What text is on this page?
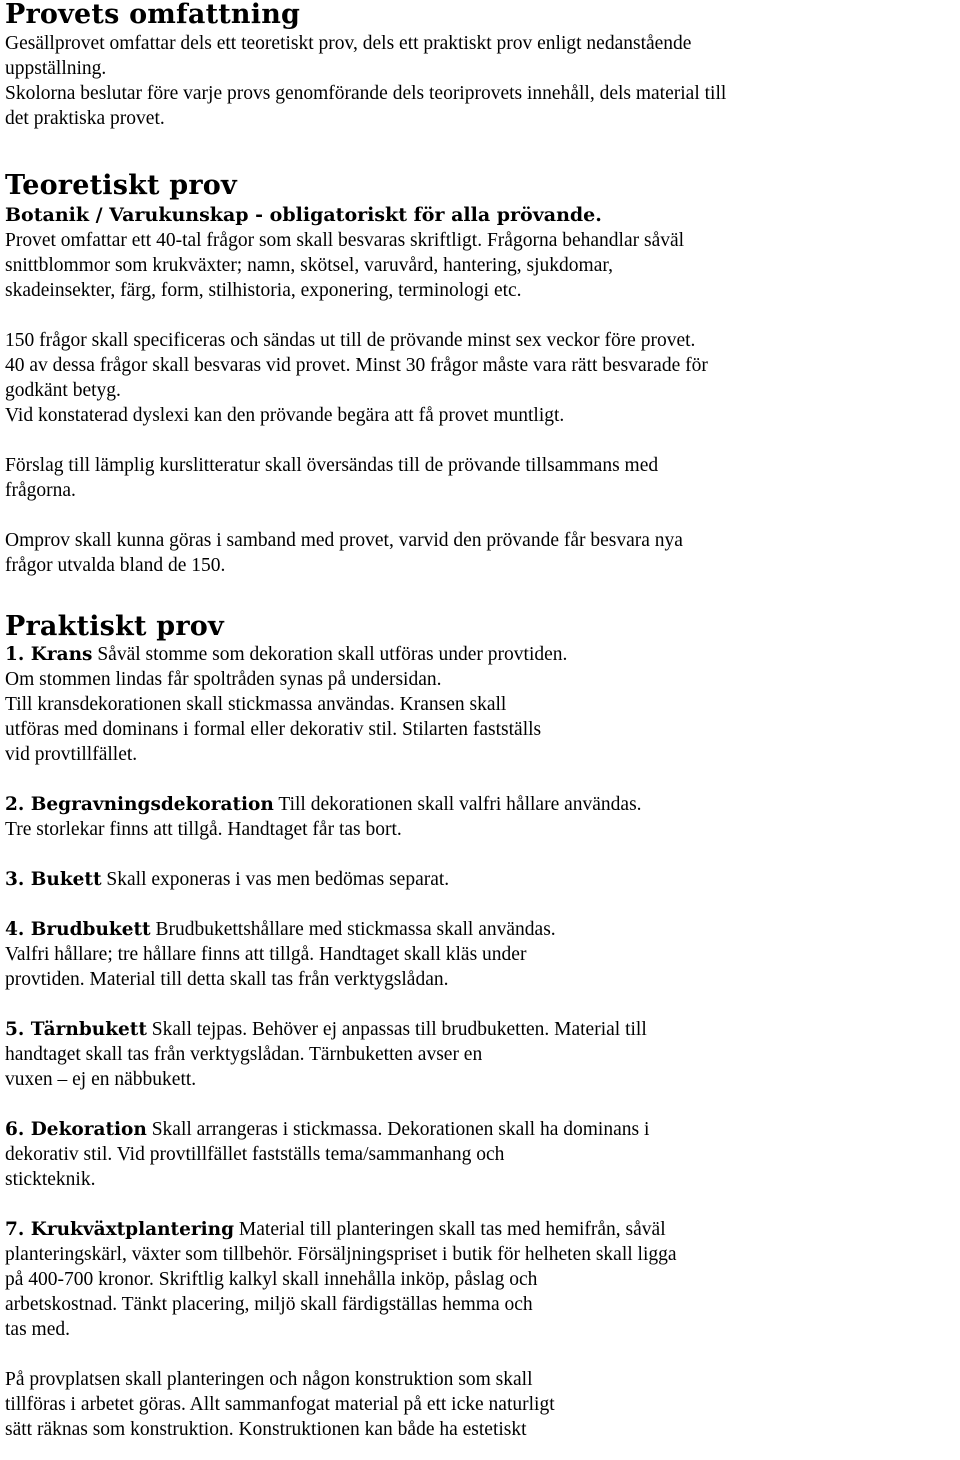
Provets omfattning
Gesällprovet omfattar dels ett teoretiskt prov, dels ett praktiskt prov enligt nedanstående
uppställning.
Skolorna beslutar före varje provs genomförande dels teoriprovets innehåll, dels material till
det praktiska provet.
Teoretiskt prov
Botanik / Varukunskap - obligatoriskt för alla prövande.
Provet omfattar ett 40-tal frågor som skall besvaras skriftligt. Frågorna behandlar såväl
snittblommor som krukväxter; namn, skötsel, varuvård, hantering, sjukdomar,
skadeinsekter, färg, form, stilhistoria, exponering, terminologi etc.
150 frågor skall specificeras och sändas ut till de prövande minst sex veckor före provet.
40 av dessa frågor skall besvaras vid provet. Minst 30 frågor måste vara rätt besvarade för
godkänt betyg.
Vid konstaterad dyslexi kan den prövande begära att få provet muntligt.
Förslag till lämplig kurslitteratur skall översändas till de prövande tillsammans med
frågorna.
Omprov skall kunna göras i samband med provet, varvid den prövande får besvara nya
frågor utvalda bland de 150.
Praktiskt prov
1. Krans Såväl stomme som dekoration skall utföras under provtiden.
Om stommen lindas får spoltråden synas på undersidan.
Till kransdekorationen skall stickmassa användas. Kransen skall
utföras med dominans i formal eller dekorativ stil. Stilarten fastställs
vid provtillfället.
2. Begravningsdekoration Till dekorationen skall valfri hållare användas.
Tre storlekar finns att tillgå. Handtaget får tas bort.
3. Bukett Skall exponeras i vas men bedömas separat.
4. Brudbukett Brudbukettshållare med stickmassa skall användas.
Valfri hållare; tre hållare finns att tillgå. Handtaget skall kläs under
provtiden. Material till detta skall tas från verktygslådan.
5. Tärnbukett Skall tejpas. Behöver ej anpassas till brudbuketten. Material till
handtaget skall tas från verktygslådan. Tärnbuketten avser en
vuxen – ej en näbbukett.
6. Dekoration Skall arrangeras i stickmassa. Dekorationen skall ha dominans i
dekorativ stil. Vid provtillfället fastställs tema/sammanhang och
stickteknik.
7. Krukväxtplantering Material till planteringen skall tas med hemifrån, såväl
planteringskärl, växter som tillbehör. Försäljningspriset i butik för helheten skall ligga
på 400-700 kronor. Skriftlig kalkyl skall innehålla inköp, påslag och
arbetskostnad. Tänkt placering, miljö skall färdigställas hemma och
tas med.
På provplatsen skall planteringen och någon konstruktion som skall
tillföras i arbetet göras. Allt sammanfogat material på ett icke naturligt
sätt räknas som konstruktion. Konstruktionen kan både ha estetiskt
